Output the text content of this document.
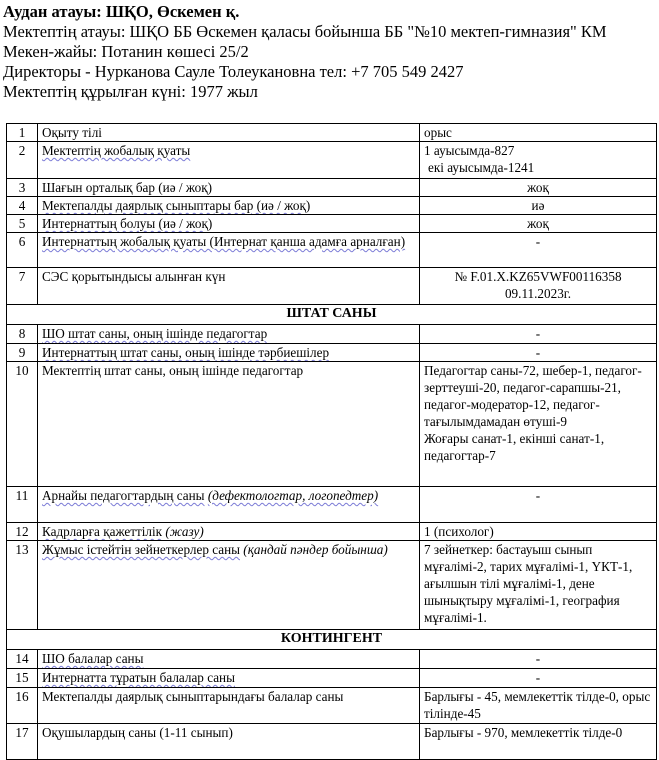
Аудан атауы: ШҚО, Өскемен қ.
Мектептің атауы: ШҚО ББ Өскемен қаласы бойынша ББ "№10 мектеп-гимназия" КМ
Мекен-жайы: Потанин көшесі 25/2
Директоры - Нурканова Сауле Толеукановна тел: +7 705 549 2427
Мектептің құрылған күні: 1977 жыл
1	Оқыту тілі	орыс
2	Мектептің жобалық қуаты	1 ауысымда-827
екі ауысымда-1241

3	Шағын орталық бар (иә / жоқ)	жоқ
4	Мектепалды даярлық сыныптары бар (иә / жоқ)	иә
5	Интернаттың болуы (иә / жоқ)	жоқ
6	Интернаттың жобалық қуаты (Интернат қанша адамға арналған)	-
7	СЭС қорытындысы алынған күн	№ F.01.X.KZ65VWF00116358
09.11.2023г.

ШТАТ САНЫ		
8	ШО штат саны, оның ішінде педагогтар	-
9	Интернаттың штат саны, оның ішінде тәрбиешілер	-
10	Мектептің штат саны, оның ішінде педагогтар	Педагогтар саны-72, шебер-1, педагог-зерттеуші-20, педагог-сарапшы-21, педагог-модератор-12, педагог-тағылымдамадан өтуші-9
Жоғары санат-1, екінші санат-1, педагогтар-7

11	Арнайы педагогтардың саны (дефектологтар, логопедтер)	-
12	Кадрларға қажеттілік (жазу)	1 (психолог)
13	Жұмыс істейтін зейнеткерлер саны (қандай пәндер бойынша)	7 зейнеткер: бастауыш сынып мұғалімі-2, тарих мұғалімі-1, ҮКТ-1, ағылшын тілі мұғалімі-1, дене шынықтыру мұғалімі-1, география мұғалімі-1.
КОНТИНГЕНТ		
14	ШО балалар саны	-
15	Интернатта тұратын балалар саны	-
16	Мектепалды даярлық сыныптарындағы балалар саны	Барлығы - 45, мемлекеттік тілде-0, орыс тілінде-45
17	Оқушылардың саны (1-11 сынып)	Барлығы - 970, мемлекеттік тілде-0
